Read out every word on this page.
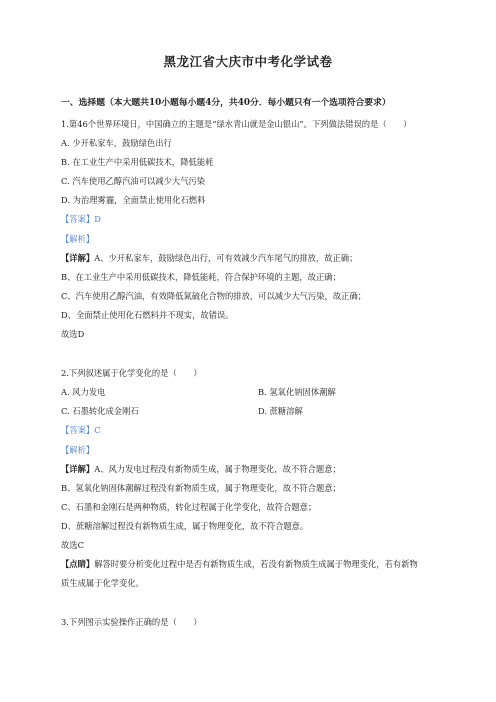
黑龙江省大庆市中考化学试卷
一、选择题（本大题共10小题每小题4分，共40分．每小题只有一个选项符合要求）
1.第46个世界环境日，中国确立的主题是“绿水青山就是金山银山”。下列做法错误的是（　　）
A. 少开私家车，鼓励绿色出行
B. 在工业生产中采用低碳技术，降低能耗
C. 汽车使用乙醇汽油可以减少大气污染
D. 为治理雾霾，全面禁止使用化石燃料
【答案】D
【解析】
【详解】A、少开私家车，鼓励绿色出行，可有效减少汽车尾气的排放，故正确；
B、在工业生产中采用低碳技术，降低能耗，符合保护环境的主题，故正确；
C、汽车使用乙醇汽油，有效降低氮硫化合物的排放，可以减少大气污染，故正确；
D、全面禁止使用化石燃料并不现实，故错误。
故选D
2.下列叙述属于化学变化的是（　　）
A. 风力发电	B. 氢氧化钠固体潮解
C. 石墨转化成金刚石	D. 蔗糖溶解
【答案】C
【解析】
【详解】A、风力发电过程没有新物质生成，属于物理变化，故不符合题意；
B、氢氧化钠固体潮解过程没有新物质生成，属于物理变化，故不符合题意；
C、石墨和金刚石是两种物质，转化过程属于化学变化，故符合题意；
D、蔗糖溶解过程没有新物质生成，属于物理变化，故不符合题意。
故选C
【点睛】解答时要分析变化过程中是否有新物质生成，若没有新物质生成属于物理变化，若有新物
质生成属于化学变化。
3.下列图示实验操作正确的是（　　）
